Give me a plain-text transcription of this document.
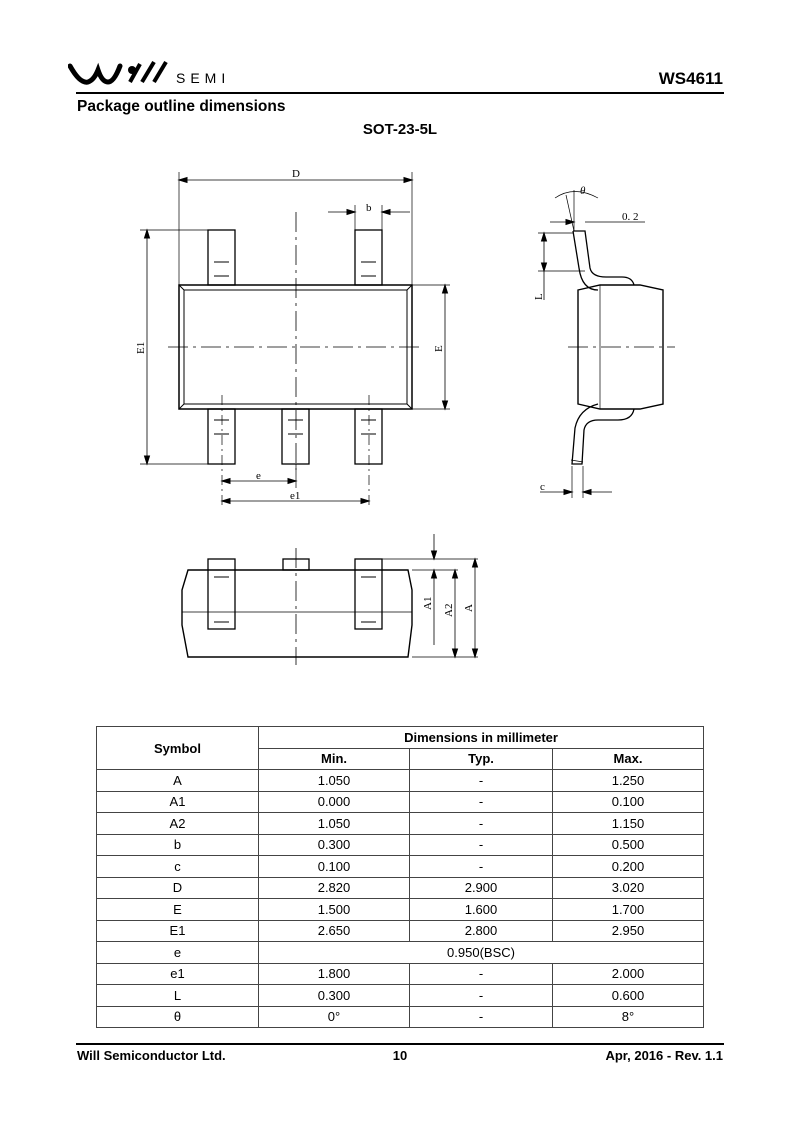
SEMI	WS4611
Package outline dimensions
SOT-23-5L
D
b
E1	E
e
e1
θ
0. 2
L
c
A1
A2 A
Symbol	Dimensions in millimeter		
	Min.	Typ.	Max.
A	1.050	-	1.250
A1	0.000	-	0.100
A2	1.050	-	1.150
b	0.300	-	0.500
c	0.100	-	0.200
D	2.820	2.900	3.020
E	1.500	1.600	1.700
E1	2.650	2.800	2.950
e	0.950(BSC)		
e1	1.800	-	2.000
L	0.300	-	0.600
θ	0°	-	8°
Will Semiconductor Ltd.	10	Apr, 2016 - Rev. 1.1
